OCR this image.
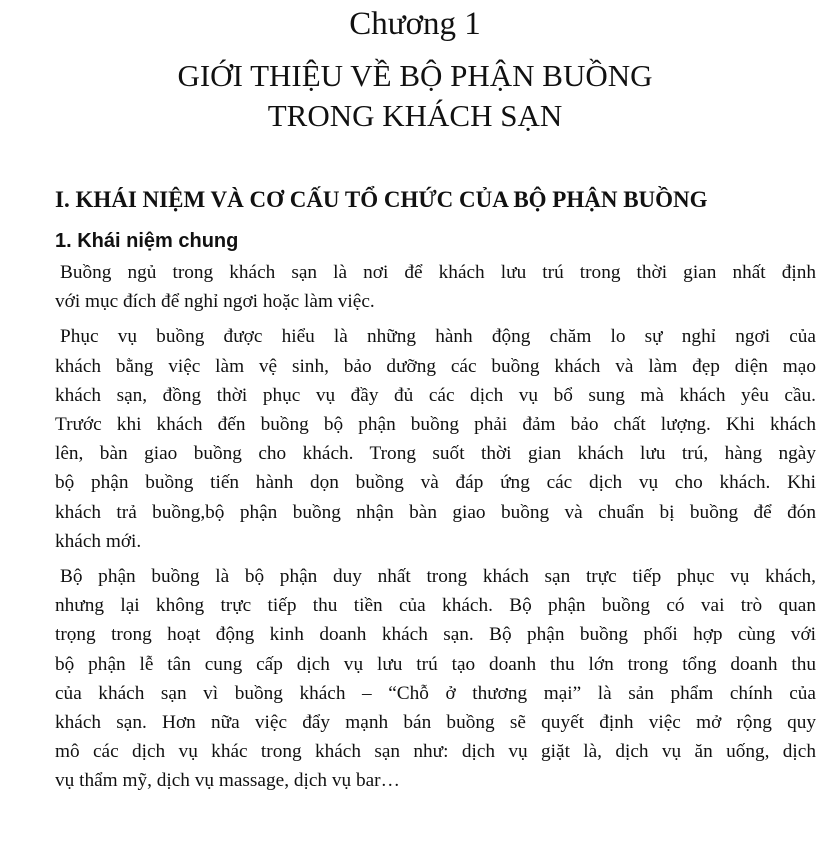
Chương 1
GIỚI THIỆU VỀ BỘ PHẬN BUỒNG
TRONG KHÁCH SẠN
I. KHÁI NIỆM VÀ CƠ CẤU TỔ CHỨC CỦA BỘ PHẬN BUỒNG
1. Khái niệm chung

Buồng ngủ trong khách sạn là nơi để khách lưu trú trong thời gian nhất định
với mục đích để nghỉ ngơi hoặc làm việc.

Phục vụ buồng được hiểu là những hành động chăm lo sự nghỉ ngơi của
khách bằng việc làm vệ sinh, bảo dưỡng các buồng khách và làm đẹp diện mạo
khách sạn, đồng thời phục vụ đầy đủ các dịch vụ bổ sung mà khách yêu cầu.
Trước khi khách đến buồng bộ phận buồng phải đảm bảo chất lượng. Khi khách
lên, bàn giao buồng cho khách. Trong suốt thời gian khách lưu trú, hàng ngày
bộ phận buồng tiến hành dọn buồng và đáp ứng các dịch vụ cho khách. Khi
khách trả buồng,bộ phận buồng nhận bàn giao buồng và chuẩn bị buồng để đón
khách mới.

Bộ phận buồng là bộ phận duy nhất trong khách sạn trực tiếp phục vụ khách,
nhưng lại không trực tiếp thu tiền của khách. Bộ phận buồng có vai trò quan
trọng trong hoạt động kinh doanh khách sạn. Bộ phận buồng phối hợp cùng với
bộ phận lễ tân cung cấp dịch vụ lưu trú tạo doanh thu lớn trong tổng doanh thu
của khách sạn vì buồng khách – “Chỗ ở thương mại” là sản phẩm chính của
khách sạn. Hơn nữa việc đẩy mạnh bán buồng sẽ quyết định việc mở rộng quy
mô các dịch vụ khác trong khách sạn như: dịch vụ giặt là, dịch vụ ăn uống, dịch
vụ thẩm mỹ, dịch vụ massage, dịch vụ bar…
